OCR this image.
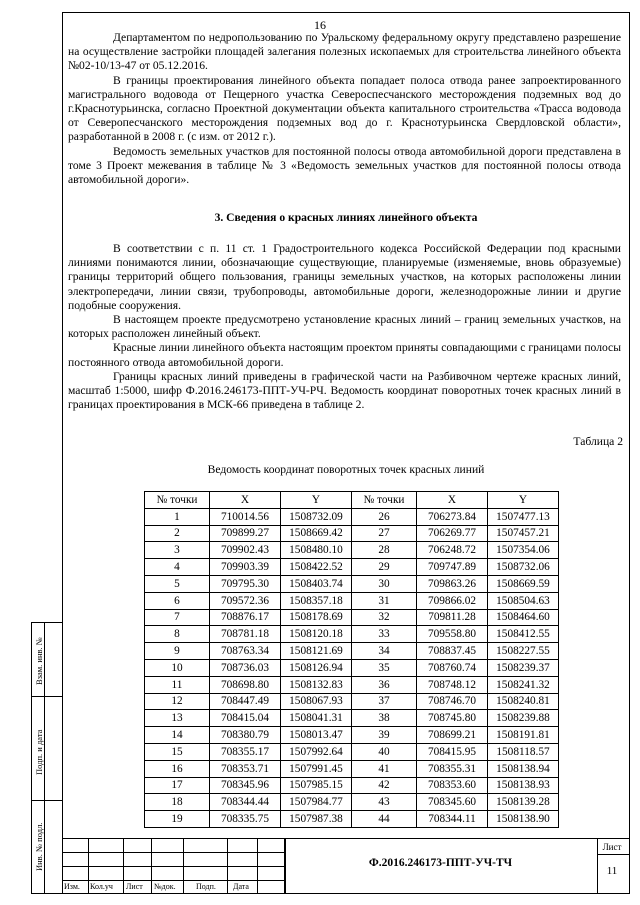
Взам. инв. №
Подп. и дата
Инв. № подл.
16

Департаментом по недропользованию по Уральскому федеральному округу представлено разрешение на осуществление застройки площадей залегания полезных ископаемых для строительства линейного объекта №02-10/13-47 от 05.12.2016.

В границы проектирования линейного объекта попадает полоса отвода ранее запроектированного магистрального водовода от Пещерного участка Североспесчанского месторождения подземных вод до г.Краснотурьинска, согласно Проектной документации объекта капитального строительства «Трасса водовода от Северопесчанского месторождения подземных вод до г. Краснотурьинска Свердловской области», разработанной в 2008 г. (с изм. от 2012 г.).

Ведомость земельных участков для постоянной полосы отвода автомобильной дороги представлена в томе 3 Проект межевания в таблице № 3 «Ведомость земельных участков для постоянной полосы отвода автомобильной дороги».

3. Сведения о красных линиях линейного объекта

В соответствии с п. 11 ст. 1 Градостроительного кодекса Российской Федерации под красными линиями понимаются линии, обозначающие существующие, планируемые (изменяемые, вновь образуемые) границы территорий общего пользования, границы земельных участков, на которых расположены линии электропередачи, линии связи, трубопроводы, автомобильные дороги, железнодорожные линии и другие подобные сооружения.

В настоящем проекте предусмотрено установление красных линий – границ земельных участков, на которых расположен линейный объект.

Красные линии линейного объекта настоящим проектом приняты совпадающими с границами полосы постоянного отвода автомобильной дороги.

Границы красных линий приведены в графической части на Разбивочном чертеже красных линий, масштаб 1:5000, шифр Ф.2016.246173-ППТ-УЧ-РЧ. Ведомость координат поворотных точек красных линий в границах проектирования в МСК-66 приведена в таблице 2.

Таблица 2
Ведомость координат поворотных точек красных линий
№ точки	X	Y	№ точки	X	Y
1	710014.56	1508732.09	26	706273.84	1507477.13
2	709899.27	1508669.42	27	706269.77	1507457.21
3	709902.43	1508480.10	28	706248.72	1507354.06
4	709903.39	1508422.52	29	709747.89	1508732.06
5	709795.30	1508403.74	30	709863.26	1508669.59
6	709572.36	1508357.18	31	709866.02	1508504.63
7	708876.17	1508178.69	32	709811.28	1508464.60
8	708781.18	1508120.18	33	709558.80	1508412.55
9	708763.34	1508121.69	34	708837.45	1508227.55
10	708736.03	1508126.94	35	708760.74	1508239.37
11	708698.80	1508132.83	36	708748.12	1508241.32
12	708447.49	1508067.93	37	708746.70	1508240.81
13	708415.04	1508041.31	38	708745.80	1508239.88
14	708380.79	1508013.47	39	708699.21	1508191.81
15	708355.17	1507992.64	40	708415.95	1508118.57
16	708353.71	1507991.45	41	708355.31	1508138.94
17	708345.96	1507985.15	42	708353.60	1508138.93
18	708344.44	1507984.77	43	708345.60	1508139.28
19	708335.75	1507987.38	44	708344.11	1508138.90
Изм. Кол.уч Лист №док.	Подп. Дата
Ф.2016.246173-ППТ-УЧ-ТЧ
Лист
11
